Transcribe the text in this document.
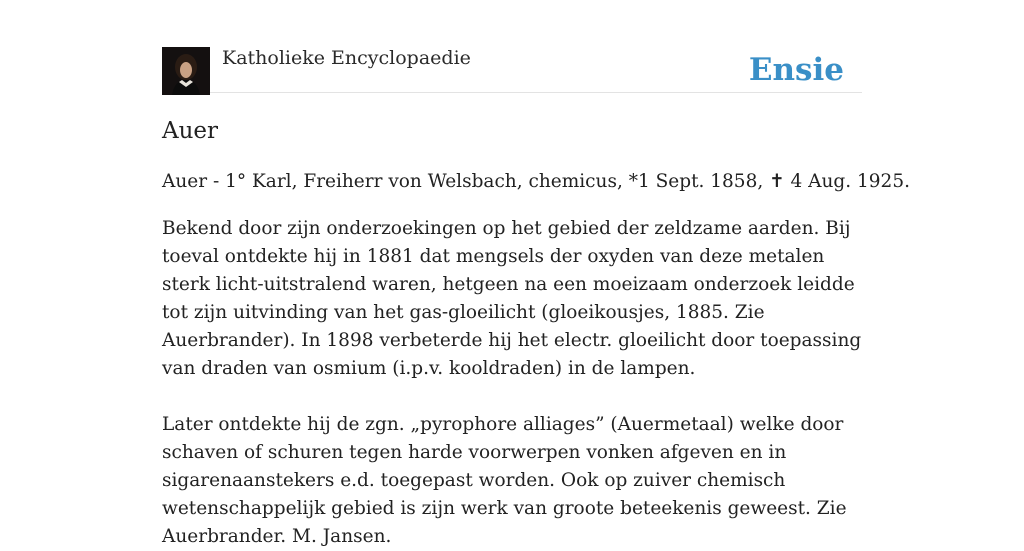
Katholieke Encyclopaedie	Ensie
Auer
Auer - 1° Karl, Freiherr von Welsbach, chemicus, *1 Sept. 1858, ✝ 4 Aug. 1925.

Bekend door zijn onderzoekingen op het gebied der zeldzame aarden. Bij toeval ontdekte hij in 1881 dat mengsels der oxyden van deze metalen sterk licht-uitstralend waren, hetgeen na een moeizaam onderzoek leidde tot zijn uitvinding van het gas-gloeilicht (gloeikousjes, 1885. Zie Auerbrander). In 1898 verbeterde hij het electr. gloeilicht door toepassing van draden van osmium (i.p.v. kooldraden) in de lampen.

Later ontdekte hij de zgn. „pyrophore alliages” (Auermetaal) welke door schaven of schuren tegen harde voorwerpen vonken afgeven en in sigarenaanstekers e.d. toegepast worden. Ook op zuiver chemisch wetenschappelijk gebied is zijn werk van groote beteekenis geweest. Zie Auerbrander. M. Jansen.
